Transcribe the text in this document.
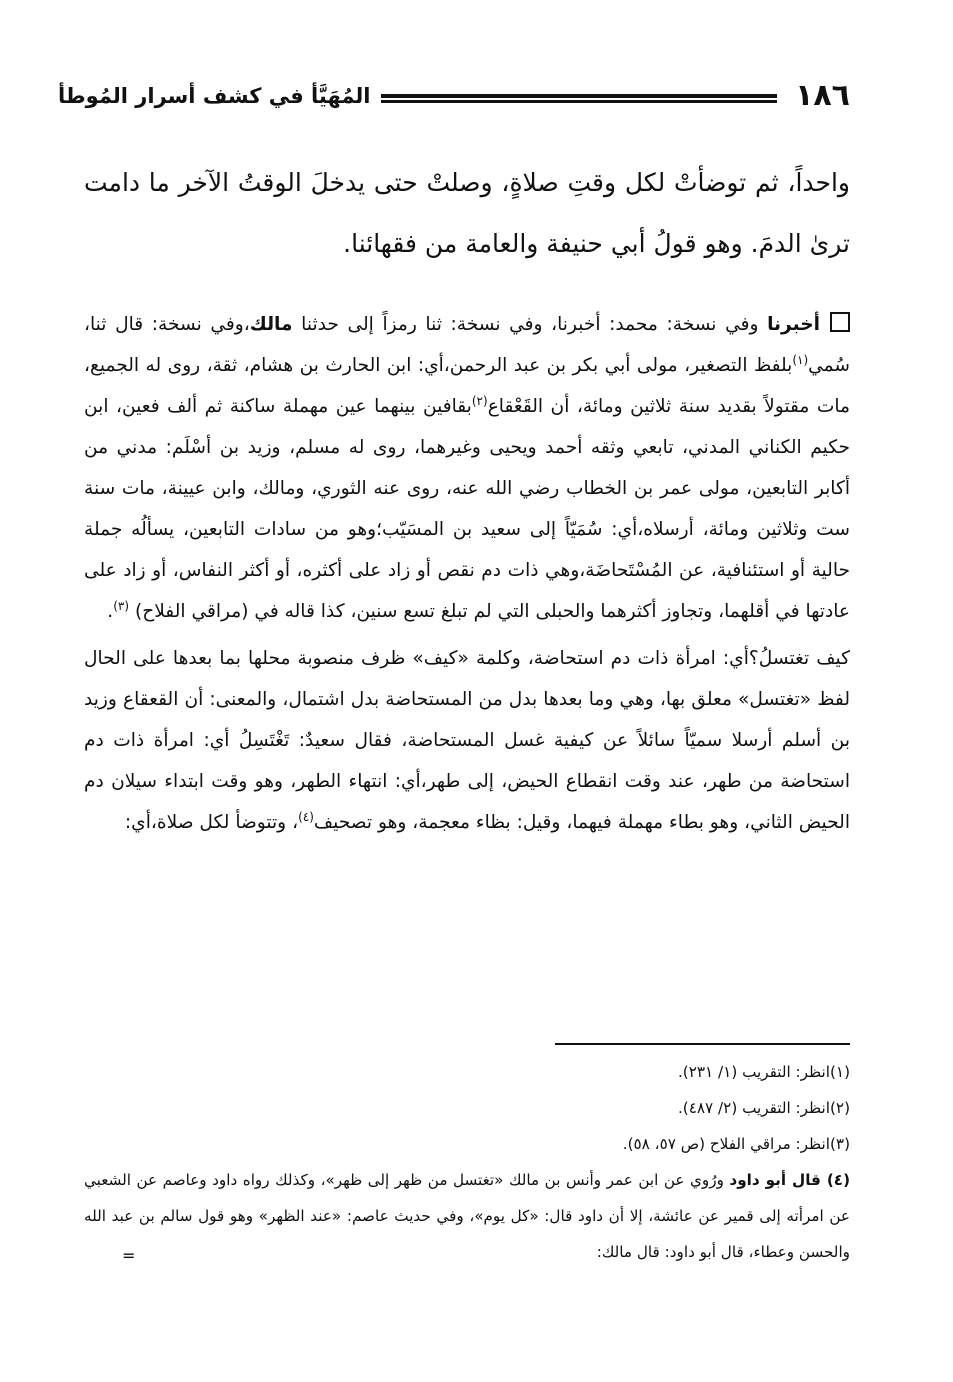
١٨٦
المُهَيَّأ في كشف أسرار المُوطأ

واحداً، ثم توضأتْ لكل وقتِ صلاةٍ، وصلتْ حتى يدخلَ الوقتُ الآخر ما دامت ترىٰ الدمَ. وهو قولُ أبي حنيفة والعامة من فقهائنا.

أخبرنا وفي نسخة: محمد: أخبرنا، وفي نسخة: ثنا رمزاً إلى حدثنا مالك،وفي نسخة: قال ثنا، سُمي$^{(١)}$بلفظ التصغير، مولى أبي بكر بن عبد الرحمن،أي: ابن الحارث بن هشام، ثقة، روى له الجميع، مات مقتولاً بقديد سنة ثلاثين ومائة، أن القَعْقاع$^{(٢)}$بقافين بينهما عين مهملة ساكنة ثم ألف فعين، ابن حكيم الكناني المدني، تابعي وثقه أحمد ويحيى وغيرهما، روى له مسلم، وزيد بن أسْلَم: مدني من أكابر التابعين، مولى عمر بن الخطاب رضي الله عنه، روى عنه الثوري، ومالك، وابن عيينة، مات سنة ست وثلاثين ومائة، أرسلاه،أي: سُمَيّاً إلى سعيد بن المسَيّب؛وهو من سادات التابعين، يسألُه جملة حالية أو استئنافية، عن المُسْتَحاضَة،وهي ذات دم نقص أو زاد على أكثره، أو أكثر النفاس، أو زاد على عادتها في أقلهما، وتجاوز أكثرهما والحبلى التي لم تبلغ تسع سنين، كذا قاله في (مراقي الفلاح) $^{(٣)}$.

كيف تغتسلُ؟أي: امرأة ذات دم استحاضة، وكلمة «كيف» ظرف منصوبة محلها بما بعدها على الحال لفظ «تغتسل» معلق بها، وهي وما بعدها بدل من المستحاضة بدل اشتمال، والمعنى: أن القعقاع وزيد بن أسلم أرسلا سميّاً سائلاً عن كيفية غسل المستحاضة، فقال سعيدٌ: تَغْتَسِلُ أي: امرأة ذات دم استحاضة من طهر، عند وقت انقطاع الحيض، إلى طهر،أي: انتهاء الطهر، وهو وقت ابتداء سيلان دم الحيض الثاني، وهو بطاء مهملة فيهما، وقيل: بظاء معجمة، وهو تصحيف$^{(٤)}$، وتتوضأ لكل صلاة،أي:

(١)انظر: التقريب (١/ ٢٣١).

(٢)انظر: التقريب (٢/ ٤٨٧).

(٣)انظر: مراقي الفلاح (ص ٥٧، ٥٨).

(٤) قال أبو داود ورُوي عن ابن عمر وأنس بن مالك «تغتسل من ظهر إلى ظهر»، وكذلك رواه داود وعاصم عن الشعبي عن امرأته إلى قمير عن عائشة، إلا أن داود قال: «كل يوم»، وفي حديث عاصم: «عند الظهر» وهو قول سالم بن عبد الله والحسن وعطاء، قال أبو داود: قال مالك:

=
